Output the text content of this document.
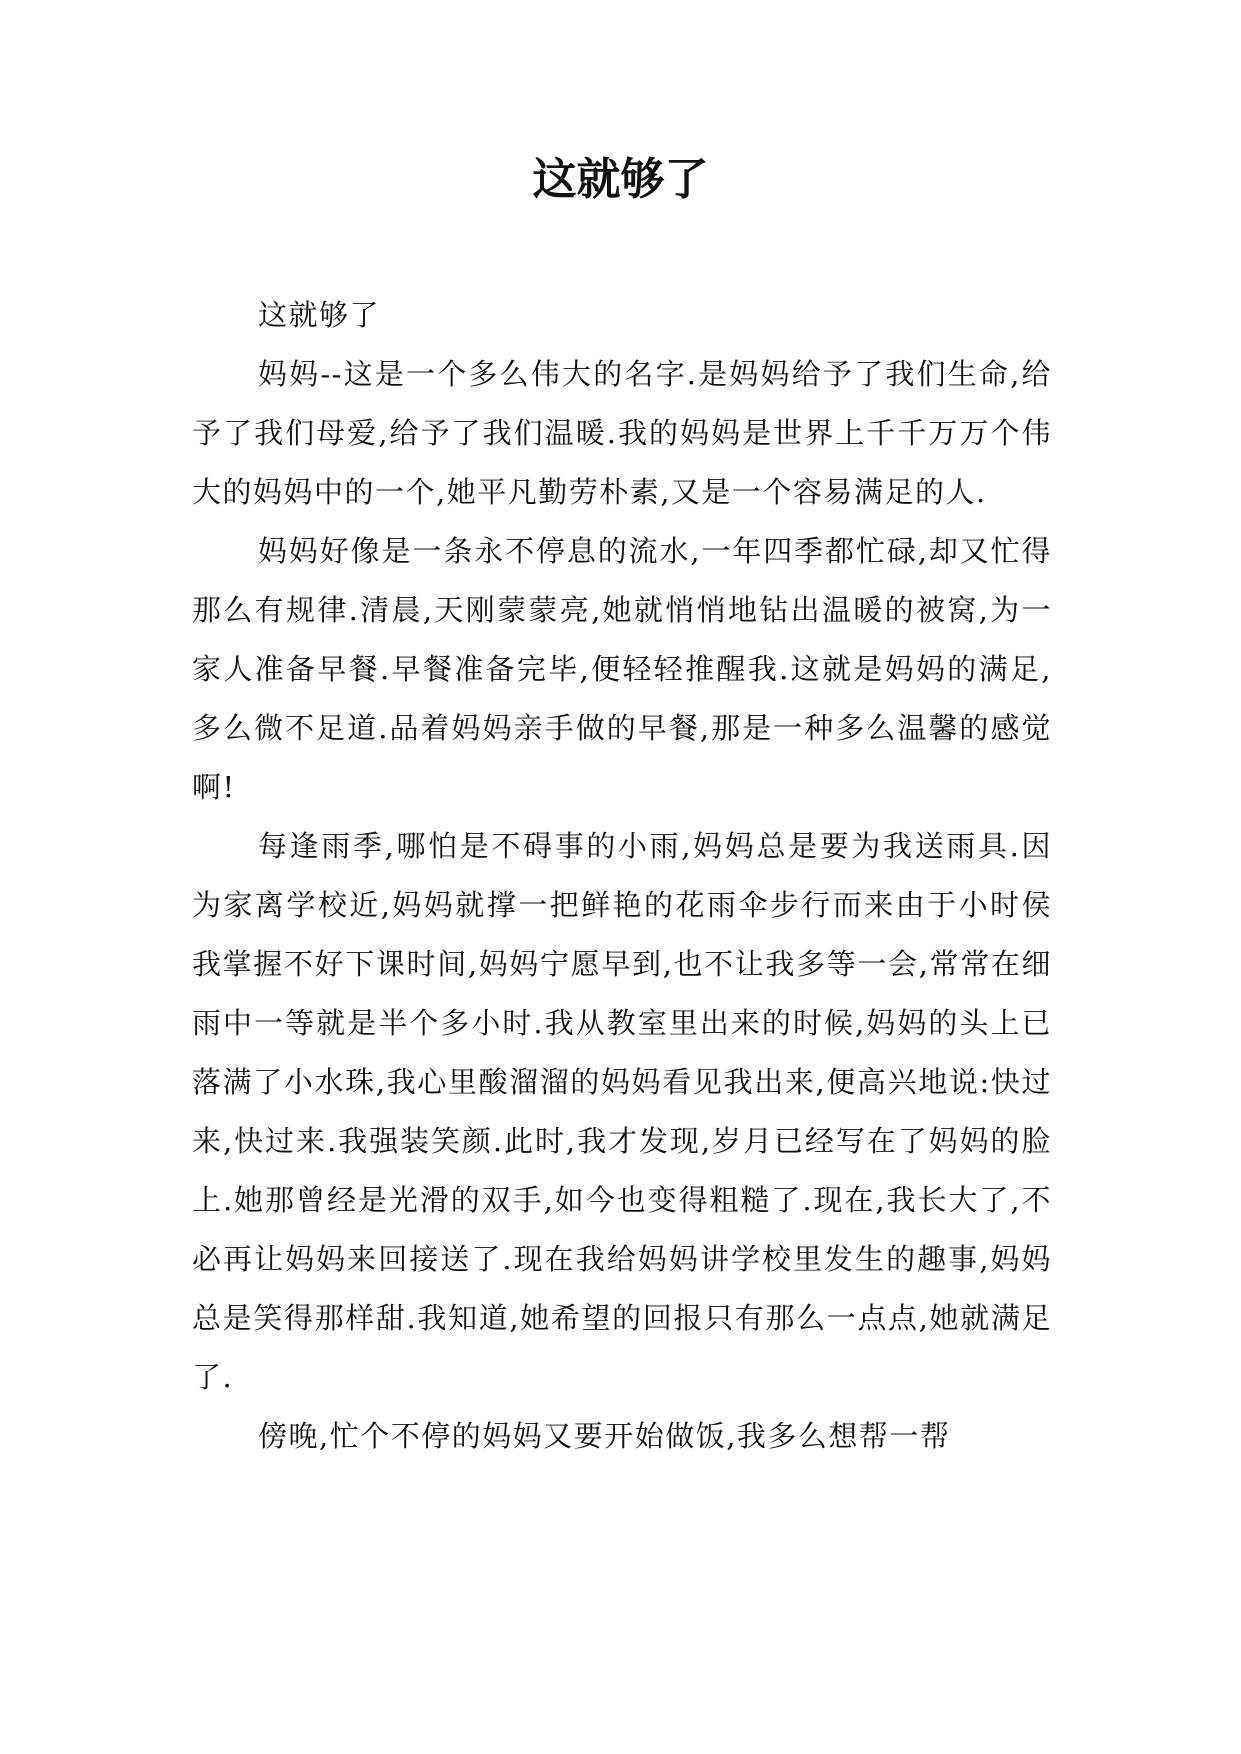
这就够了

这就够了

妈妈--这是一个多么伟大的名字.是妈妈给予了我们生命,给予了我们母爱,给予了我们温暖.我的妈妈是世界上千千万万个伟大的妈妈中的一个,她平凡勤劳朴素,又是一个容易满足的人.

妈妈好像是一条永不停息的流水,一年四季都忙碌,却又忙得那么有规律.清晨,天刚蒙蒙亮,她就悄悄地钻出温暖的被窝,为一家人准备早餐.早餐准备完毕,便轻轻推醒我.这就是妈妈的满足,多么微不足道.品着妈妈亲手做的早餐,那是一种多么温馨的感觉啊!

每逢雨季,哪怕是不碍事的小雨,妈妈总是要为我送雨具.因为家离学校近,妈妈就撑一把鲜艳的花雨伞步行而来由于小时侯我掌握不好下课时间,妈妈宁愿早到,也不让我多等一会,常常在细雨中一等就是半个多小时.我从教室里出来的时候,妈妈的头上已落满了小水珠,我心里酸溜溜的妈妈看见我出来,便高兴地说:快过来,快过来.我强装笑颜.此时,我才发现,岁月已经写在了妈妈的脸上.她那曾经是光滑的双手,如今也变得粗糙了.现在,我长大了,不必再让妈妈来回接送了.现在我给妈妈讲学校里发生的趣事,妈妈总是笑得那样甜.我知道,她希望的回报只有那么一点点,她就满足了.

傍晚,忙个不停的妈妈又要开始做饭,我多么想帮一帮
